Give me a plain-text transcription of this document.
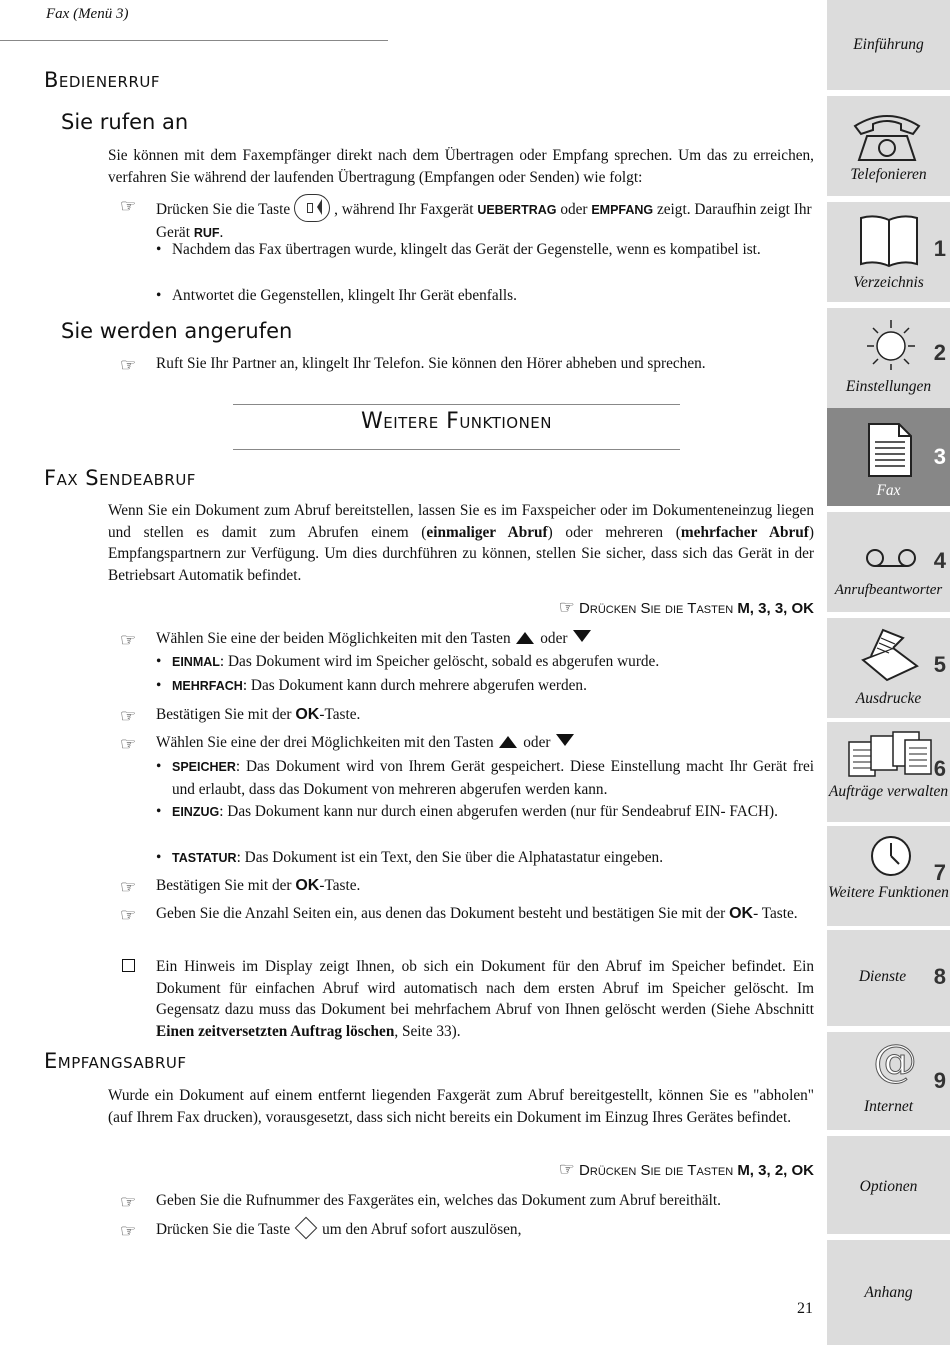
Fax (Menü 3)
Bedienerruf
Sie rufen an
Sie können mit dem Faxempfänger direkt nach dem Übertragen oder Empfang sprechen. Um das zu erreichen, verfahren Sie während der laufenden Übertragung (Empfangen oder Senden) wie folgt:
☞ Drücken Sie die Taste	, während Ihr Faxgerät UEBERTRAG oder EMPFANG zeigt. Daraufhin zeigt Ihr Gerät RUF.
• Nachdem das Fax übertragen wurde, klingelt das Gerät der Gegenstelle, wenn es kompatibel ist.
• Antwortet die Gegenstellen, klingelt Ihr Gerät ebenfalls.
Sie werden angerufen
☞ Ruft Sie Ihr Partner an, klingelt Ihr Telefon. Sie können den Hörer abheben und sprechen.
Weitere Funktionen
Fax Sendeabruf
Wenn Sie ein Dokument zum Abruf bereitstellen, lassen Sie es im Faxspeicher oder im Dokumenteneinzug liegen und stellen es damit zum Abrufen einem (einmaliger Abruf) oder mehreren (mehrfacher Abruf) Empfangspartnern zur Verfügung. Um dies durchführen zu können, stellen Sie sicher, dass sich das Gerät in der Betriebsart Automatik befindet.
☞ Drücken Sie die Tasten M, 3, 3, OK
☞ Wählen Sie eine der beiden Möglichkeiten mit den Tasten oder
• EINMAL: Das Dokument wird im Speicher gelöscht, sobald es abgerufen wurde.
• MEHRFACH: Das Dokument kann durch mehrere abgerufen werden.
☞ Bestätigen Sie mit der OK-Taste.
☞ Wählen Sie eine der drei Möglichkeiten mit den Tasten oder
• SPEICHER: Das Dokument wird von Ihrem Gerät gespeichert. Diese Einstellung macht Ihr Gerät frei und erlaubt, dass das Dokument von mehreren abgerufen werden kann.
• EINZUG: Das Dokument kann nur durch einen abgerufen werden (nur für Sendeabruf EIN- FACH).
• TASTATUR: Das Dokument ist ein Text, den Sie über die Alphatastatur eingeben.
☞ Bestätigen Sie mit der OK-Taste.
☞ Geben Sie die Anzahl Seiten ein, aus denen das Dokument besteht und bestätigen Sie mit der OK- Taste.
Ein Hinweis im Display zeigt Ihnen, ob sich ein Dokument für den Abruf im Speicher befindet. Ein Dokument für einfachen Abruf wird automatisch nach dem ersten Abruf im Speicher gelöscht. Im Gegensatz dazu muss das Dokument bei mehrfachem Abruf von Ihnen gelöscht werden (Siehe Abschnitt Einen zeitversetzten Auftrag löschen, Seite 33).
Empfangsabruf
Wurde ein Dokument auf einem entfernt liegenden Faxgerät zum Abruf bereitgestellt, können Sie es "abholen" (auf Ihrem Fax drucken), vorausgesetzt, dass sich nicht bereits ein Dokument im Einzug Ihres Gerätes befindet.
☞ Drücken Sie die Tasten M, 3, 2, OK
☞ Geben Sie die Rufnummer des Faxgerätes ein, welches das Dokument zum Abruf bereithält.
☞ Drücken Sie die Taste um den Abruf sofort auszulösen,
21
Einführung
Telefonieren
Verzeichnis
1
Einstellungen
2
Fax
3
Anrufbeantworter
4
Ausdrucke
5
Aufträge verwalten
6
Weitere Funktionen
7
Dienste	8
@
Internet
9
Optionen
Anhang
